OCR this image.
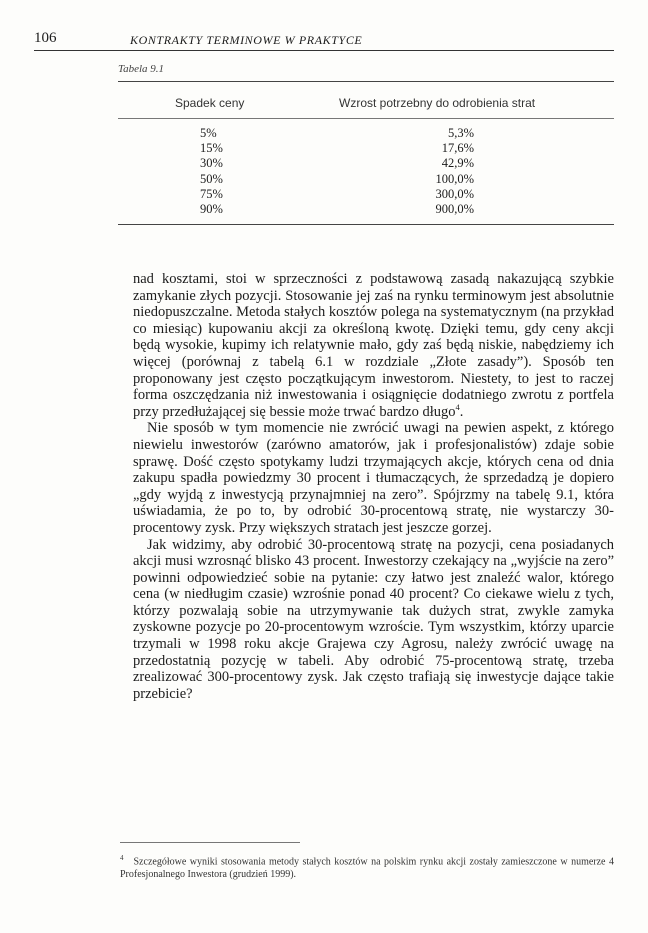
106	KONTRAKTY TERMINOWE W PRAKTYCE
Tabela 9.1
Spadek ceny	Wzrost potrzebny do odrobienia strat
5%
15%
30%
50%
75%
90%
5,3%
17,6%
42,9%
100,0%
300,0%
900,0%

nad kosztami, stoi w sprzeczności z podstawową zasadą nakazującą szybkie zamykanie złych pozycji. Stosowanie jej zaś na rynku terminowym jest absolutnie niedopuszczalne. Metoda stałych kosztów polega na systematycznym (na przykład co miesiąc) kupowaniu akcji za określoną kwotę. Dzięki temu, gdy ceny akcji będą wysokie, kupimy ich relatywnie mało, gdy zaś będą niskie, nabędziemy ich więcej (porównaj z tabelą 6.1 w rozdziale „Złote zasady”). Sposób ten proponowany jest często początkującym inwestorom. Niestety, to jest to raczej forma oszczędzania niż inwestowania i osiągnięcie dodatniego zwrotu z portfela przy przedłużającej się bessie może trwać bardzo długo$^4$.

Nie sposób w tym momencie nie zwrócić uwagi na pewien aspekt, z którego niewielu inwestorów (zarówno amatorów, jak i profesjonalistów) zdaje sobie sprawę. Dość często spotykamy ludzi trzymających akcje, których cena od dnia zakupu spadła powiedzmy 30 procent i tłumaczących, że sprzedadzą je dopiero „gdy wyjdą z inwestycją przynajmniej na zero”. Spójrzmy na tabelę 9.1, która uświadamia, że po to, by odrobić 30-procentową stratę, nie wystarczy 30-procentowy zysk. Przy większych stratach jest jeszcze gorzej.

Jak widzimy, aby odrobić 30-procentową stratę na pozycji, cena posiadanych akcji musi wzrosnąć blisko 43 procent. Inwestorzy czekający na „wyjście na zero” powinni odpowiedzieć sobie na pytanie: czy łatwo jest znaleźć walor, którego cena (w niedługim czasie) wzrośnie ponad 40 procent? Co ciekawe wielu z tych, którzy pozwalają sobie na utrzymywanie tak dużych strat, zwykle zamyka zyskowne pozycje po 20-procentowym wzroście. Tym wszystkim, którzy uparcie trzymali w 1998 roku akcje Grajewa czy Agrosu, należy zwrócić uwagę na przedostatnią pozycję w tabeli. Aby odrobić 75-procentową stratę, trzeba zrealizować 300-procentowy zysk. Jak często trafiają się inwestycje dające takie przebicie?

$^4$ Szczegółowe wyniki stosowania metody stałych kosztów na polskim rynku akcji zostały zamieszczone w numerze 4 Profesjonalnego Inwestora (grudzień 1999).
